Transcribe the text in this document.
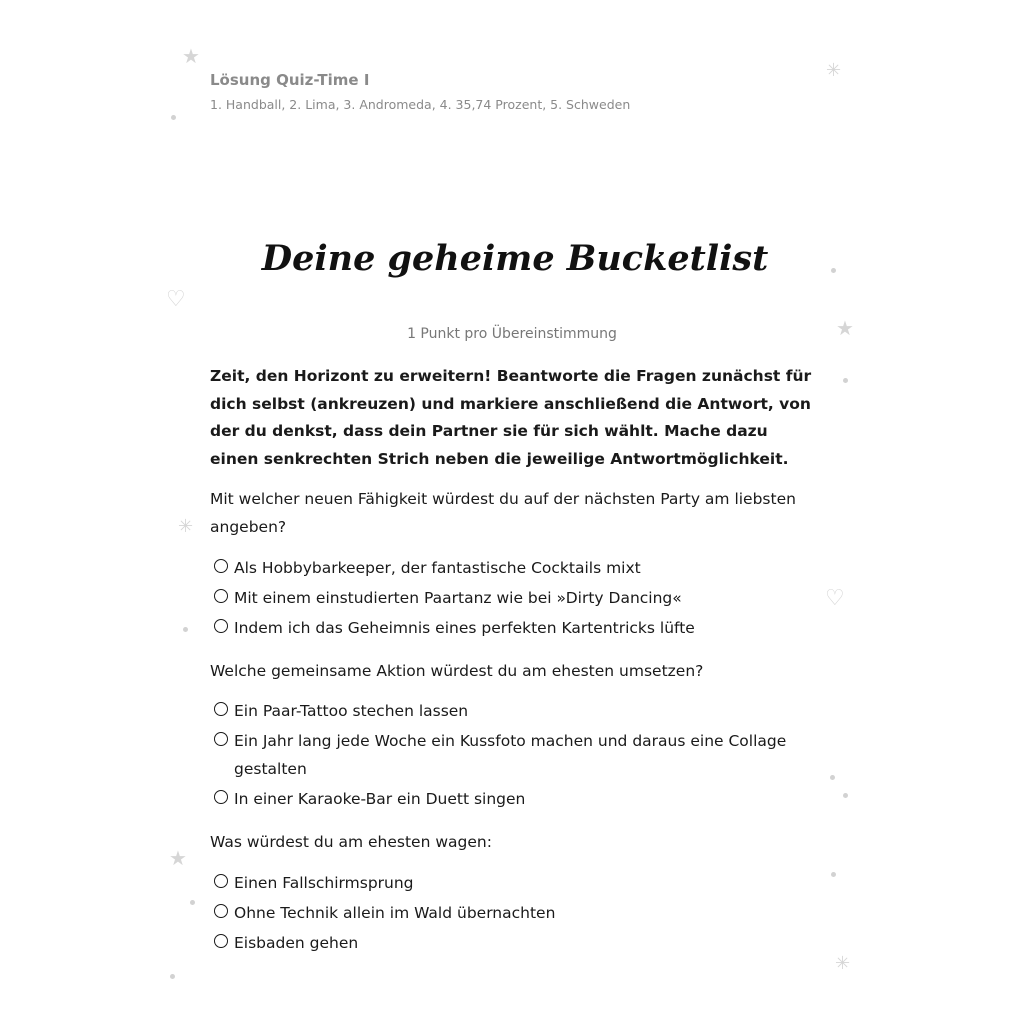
★
✳
♡
★
✳
♡
★
✳
Lösung Quiz-Time I
1. Handball, 2. Lima, 3. Andromeda, 4. 35,74 Prozent, 5. Schweden
Deine geheime Bucketlist
1 Punkt pro Übereinstimmung

Zeit, den Horizont zu erweitern! Beantworte die Fragen zunächst für dich selbst (ankreuzen) und markiere anschließend die Antwort, von der du denkst, dass dein Partner sie für sich wählt. Mache dazu einen senkrechten Strich neben die jeweilige Antwortmöglichkeit.

Mit welcher neuen Fähigkeit würdest du auf der nächsten Party am liebsten angeben?

Als Hobbybarkeeper, der fantastische Cocktails mixt
Mit einem einstudierten Paartanz wie bei »Dirty Dancing«
Indem ich das Geheimnis eines perfekten Kartentricks lüfte

Welche gemeinsame Aktion würdest du am ehesten umsetzen?

Ein Paar-Tattoo stechen lassen
Ein Jahr lang jede Woche ein Kussfoto machen und daraus eine Collage gestalten
In einer Karaoke-Bar ein Duett singen

Was würdest du am ehesten wagen:

Einen Fallschirmsprung
Ohne Technik allein im Wald übernachten
Eisbaden gehen
